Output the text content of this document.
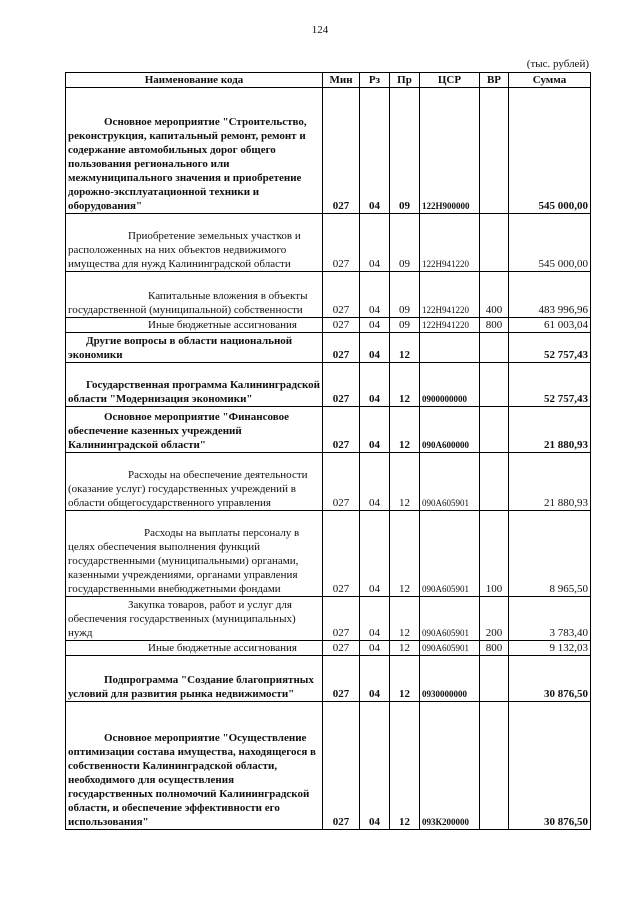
124
(тыс. рублей)
Наименование кода	Мин	Рз	Пр	ЦСР	ВР	Сумма

Основное мероприятие "Строительство, реконструкция, капитальный ремонт, ремонт и содержание автомобильных дорог общего пользования регионального или межмуниципального значения и приобретение дорожно-эксплуатационной техники и оборудования"	027	04	09	122Н900000		545 000,00
Приобретение земельных участков и расположенных на них объектов недвижимого имущества для нужд Калининградской области	027	04	09	122Н941220		545 000,00
Капитальные вложения в объекты государственной (муниципальной) собственности	027	04	09	122Н941220	400	483 996,96
Иные бюджетные ассигнования	027	04	09	122Н941220	800	61 003,04
Другие вопросы в области национальной экономики	027	04	12			52 757,43
Государственная программа Калининградской области "Модернизация экономики"	027	04	12	0900000000		52 757,43
Основное мероприятие "Финансовое обеспечение казенных учреждений Калининградской области"	027	04	12	090А600000		21 880,93
Расходы на обеспечение деятельности (оказание услуг) государственных учреждений в области общегосударственного управления	027	04	12	090А605901		21 880,93
Расходы на выплаты персоналу в целях обеспечения выполнения функций государственными (муниципальными) органами, казенными учреждениями, органами управления государственными внебюджетными фондами	027	04	12	090А605901	100	8 965,50
Закупка товаров, работ и услуг для обеспечения государственных (муниципальных) нужд	027	04	12	090А605901	200	3 783,40
Иные бюджетные ассигнования	027	04	12	090А605901	800	9 132,03
Подпрограмма "Создание благоприятных условий для развития рынка недвижимости"	027	04	12	0930000000		30 876,50
Основное мероприятие "Осуществление оптимизации состава имущества, находящегося в собственности Калининградской области, необходимого для осуществления государственных полномочий Калининградской области, и обеспечение эффективности его использования"	027	04	12	093К200000		30 876,50
